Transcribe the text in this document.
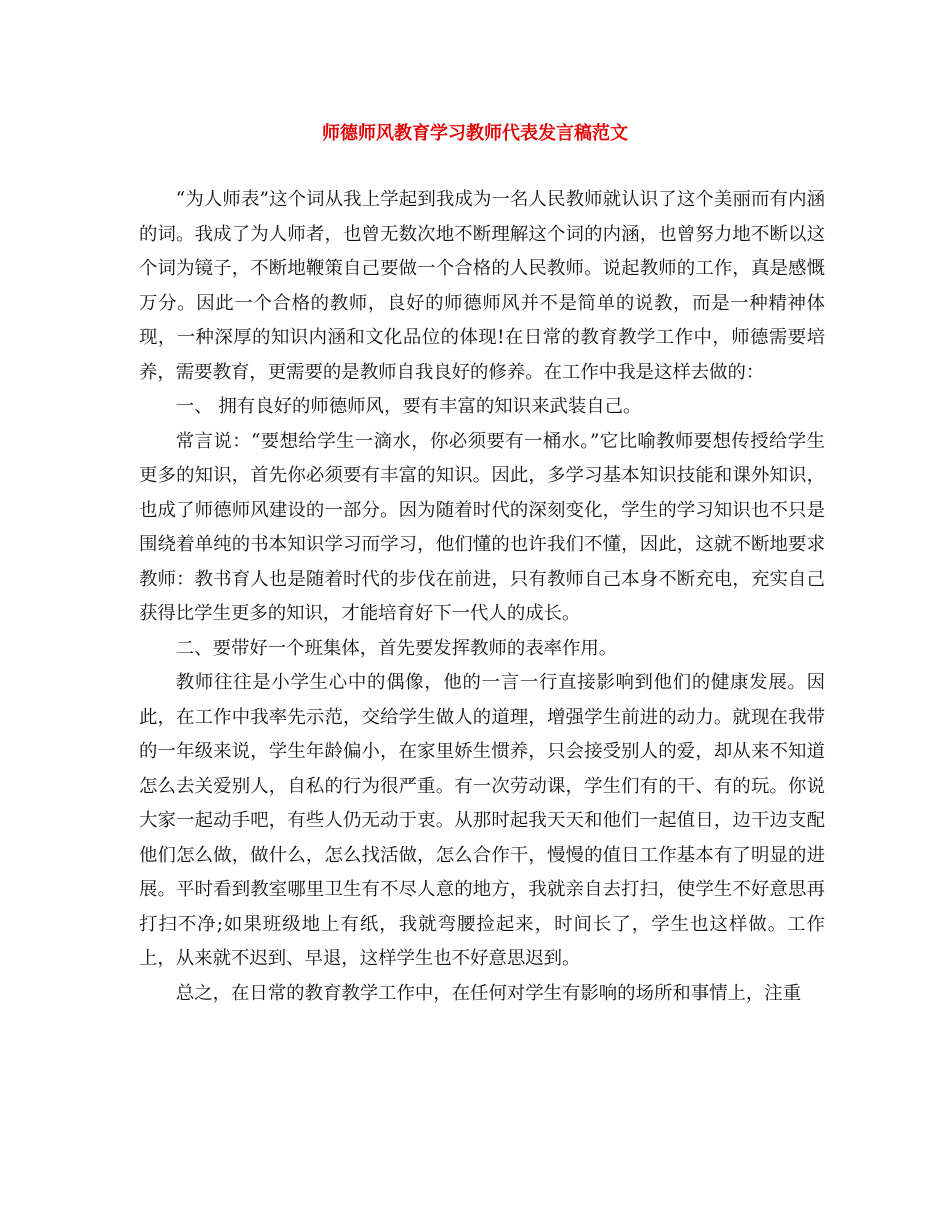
师德师风教育学习教师代表发言稿范文

“为人师表”这个词从我上学起到我成为一名人民教师就认识了这个美丽而有内涵的词。我成了为人师者，也曾无数次地不断理解这个词的内涵，也曾努力地不断以这个词为镜子，不断地鞭策自己要做一个合格的人民教师。说起教师的工作，真是感慨万分。因此一个合格的教师，良好的师德师风并不是简单的说教，而是一种精神体现，一种深厚的知识内涵和文化品位的体现!在日常的教育教学工作中，师德需要培养，需要教育，更需要的是教师自我良好的修养。在工作中我是这样去做的：

一、 拥有良好的师德师风，要有丰富的知识来武装自己。

常言说：“要想给学生一滴水，你必须要有一桶水。”它比喻教师要想传授给学生更多的知识，首先你必须要有丰富的知识。因此，多学习基本知识技能和课外知识，也成了师德师风建设的一部分。因为随着时代的深刻变化，学生的学习知识也不只是围绕着单纯的书本知识学习而学习，他们懂的也许我们不懂，因此，这就不断地要求教师：教书育人也是随着时代的步伐在前进，只有教师自己本身不断充电，充实自己获得比学生更多的知识，才能培育好下一代人的成长。

二、要带好一个班集体，首先要发挥教师的表率作用。

教师往往是小学生心中的偶像，他的一言一行直接影响到他们的健康发展。因此，在工作中我率先示范，交给学生做人的道理，增强学生前进的动力。就现在我带的一年级来说，学生年龄偏小，在家里娇生惯养，只会接受别人的爱，却从来不知道怎么去关爱别人，自私的行为很严重。有一次劳动课，学生们有的干、有的玩。你说大家一起动手吧，有些人仍无动于衷。从那时起我天天和他们一起值日，边干边支配他们怎么做，做什么，怎么找活做，怎么合作干，慢慢的值日工作基本有了明显的进展。平时看到教室哪里卫生有不尽人意的地方，我就亲自去打扫，使学生不好意思再打扫不净;如果班级地上有纸，我就弯腰捡起来，时间长了，学生也这样做。工作上，从来就不迟到、早退，这样学生也不好意思迟到。

总之，在日常的教育教学工作中，在任何对学生有影响的场所和事情上，注重
